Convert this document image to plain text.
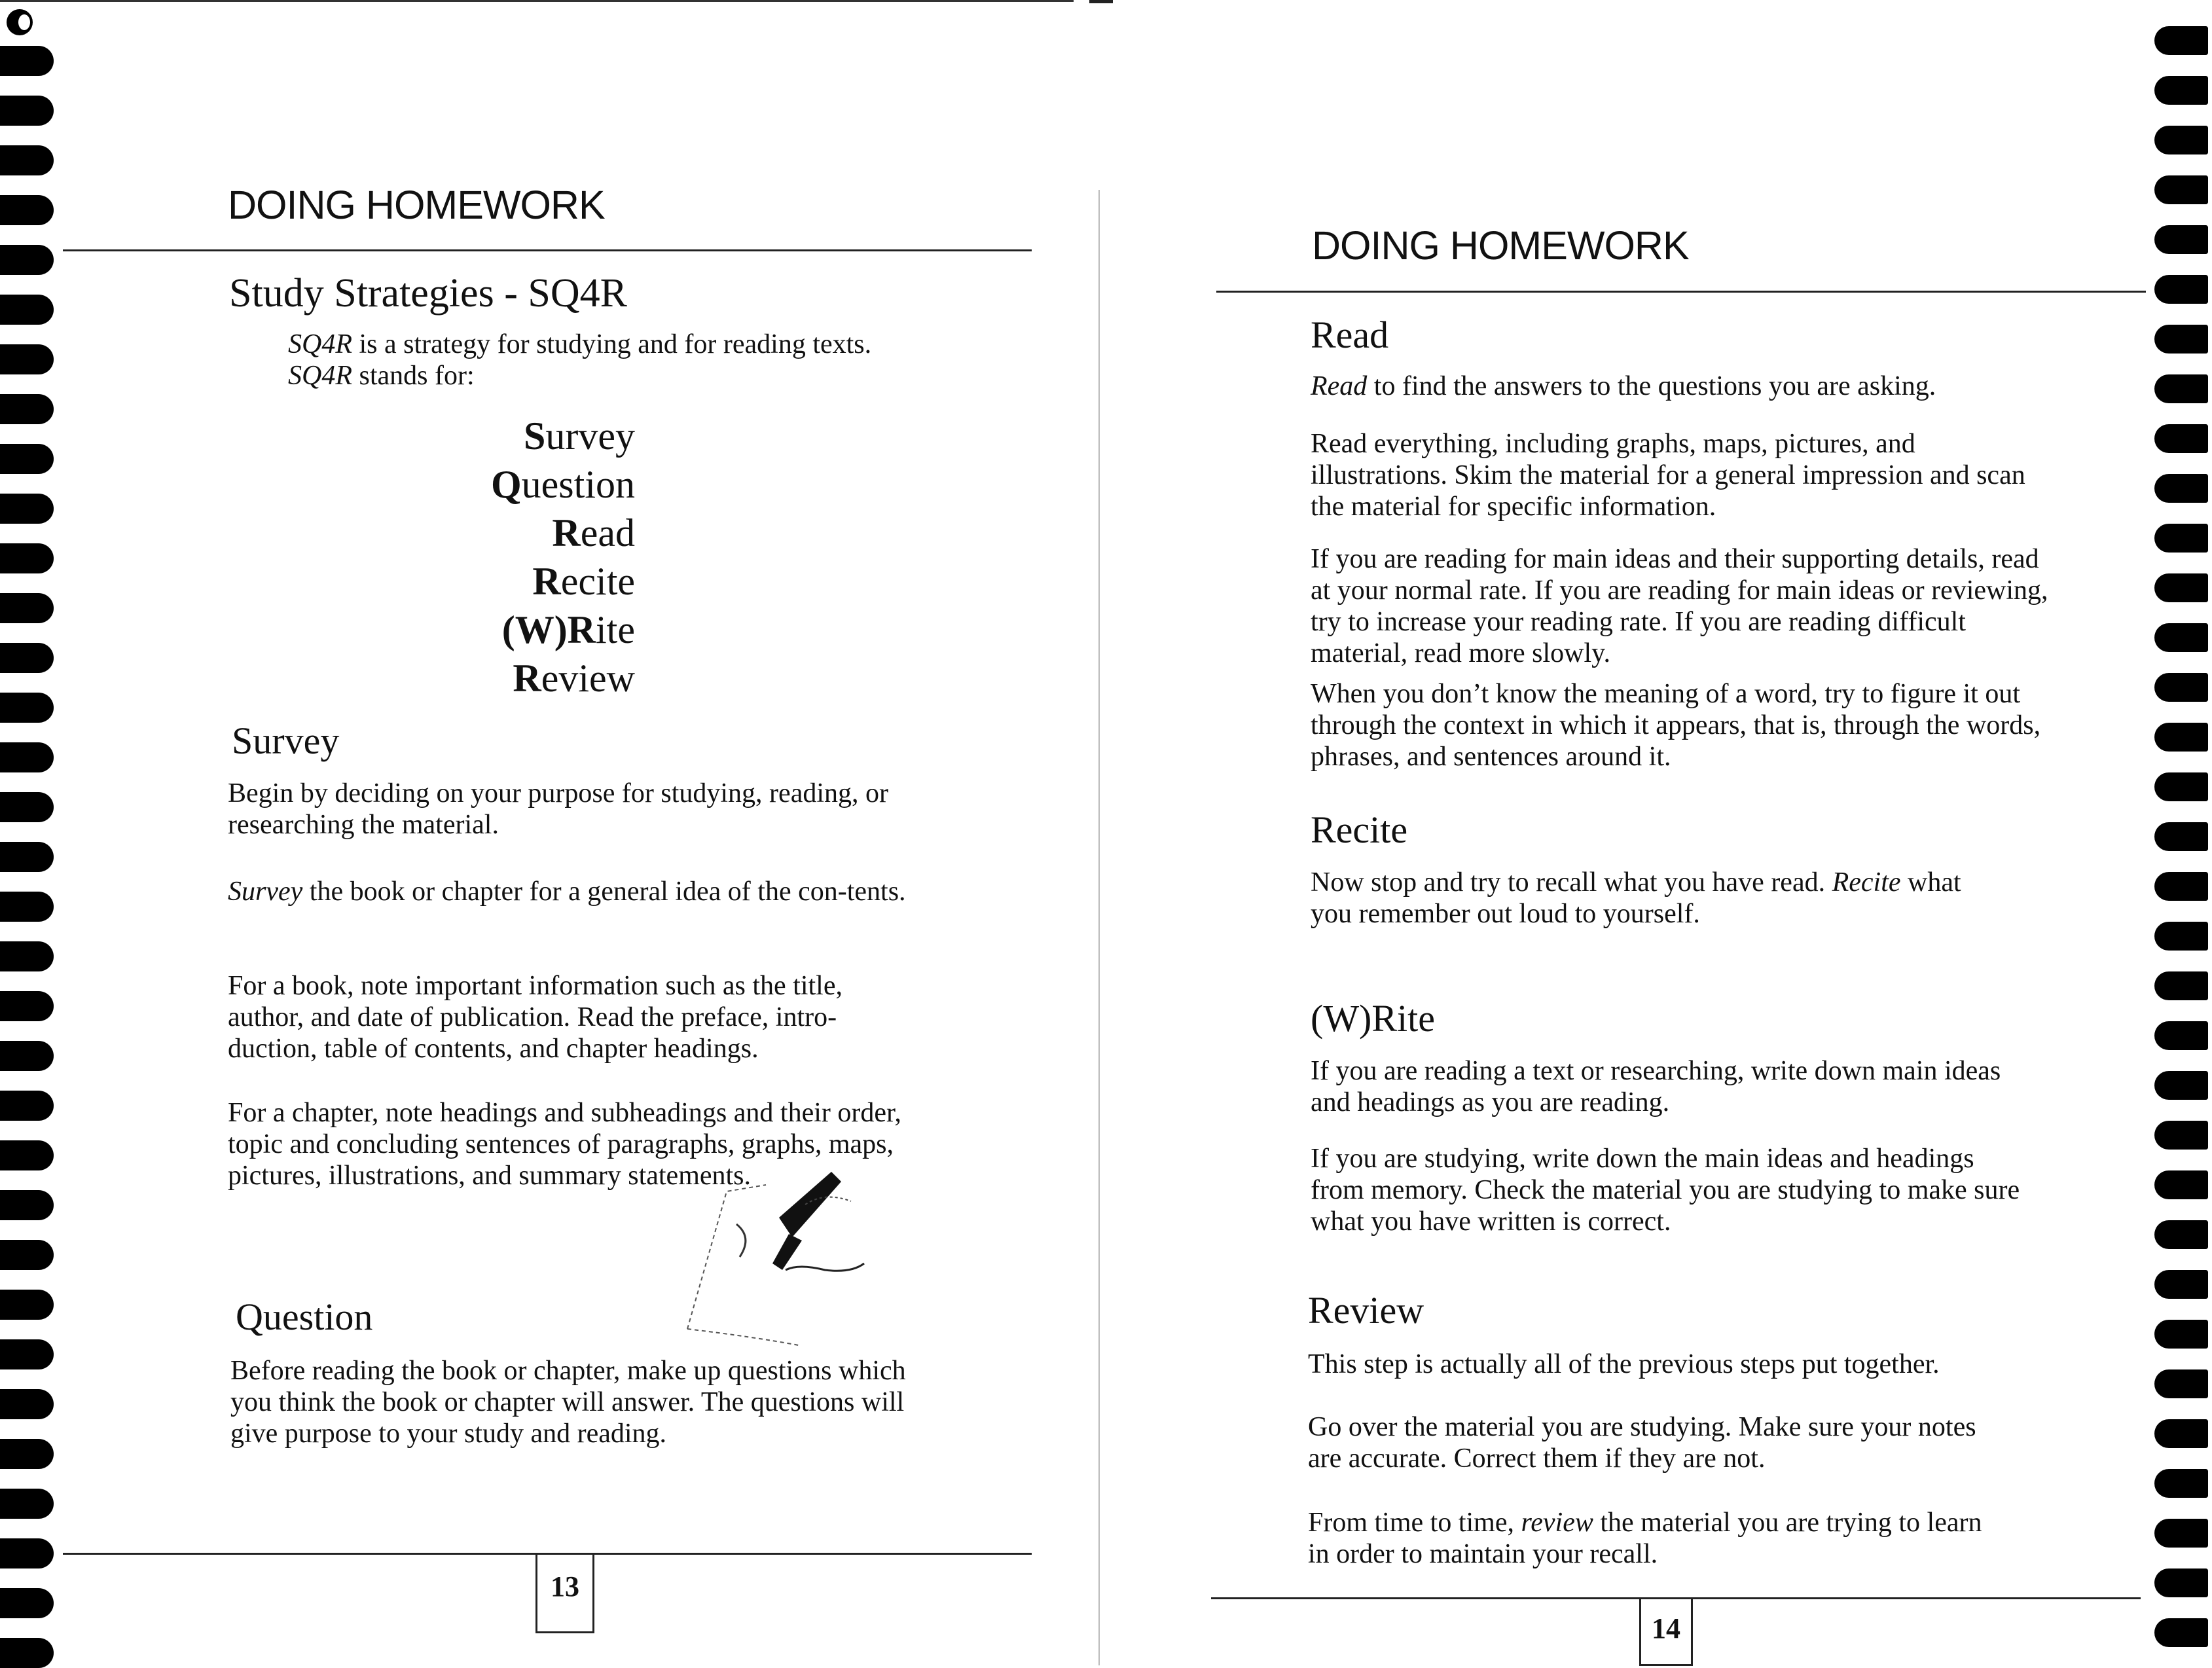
DOING HOMEWORK
Study Strategies - SQ4R

SQ4R is a strategy for studying and for reading texts. SQ4R stands for:

Survey
Question
Read
Recite
(W)Rite
Review
Survey

Begin by deciding on your purpose for studying, reading, or researching the material.

Survey the book or chapter for a general idea of the con-tents.

For a book, note important information such as the title, author, and date of publication. Read the preface, intro-duction, table of contents, and chapter headings.

For a chapter, note headings and subheadings and their order, topic and concluding sentences of paragraphs, graphs, maps, pictures, illustrations, and summary statements.

Question

Before reading the book or chapter, make up questions which you think the book or chapter will answer. The questions will give purpose to your study and reading.

13
DOING HOMEWORK
Read

Read to find the answers to the questions you are asking.

Read everything, including graphs, maps, pictures, and illustrations. Skim the material for a general impression and scan the material for specific information.

If you are reading for main ideas and their supporting details, read at your normal rate. If you are reading for main ideas or reviewing, try to increase your reading rate. If you are reading difficult material, read more slowly.

When you don’t know the meaning of a word, try to figure it out through the context in which it appears, that is, through the words, phrases, and sentences around it.

Recite

Now stop and try to recall what you have read. Recite what you remember out loud to yourself.

(W)Rite

If you are reading a text or researching, write down main ideas and headings as you are reading.

If you are studying, write down the main ideas and headings from memory. Check the material you are studying to make sure what you have written is correct.

Review

This step is actually all of the previous steps put together.

Go over the material you are studying. Make sure your notes are accurate. Correct them if they are not.

From time to time, review the material you are trying to learn in order to maintain your recall.

14
